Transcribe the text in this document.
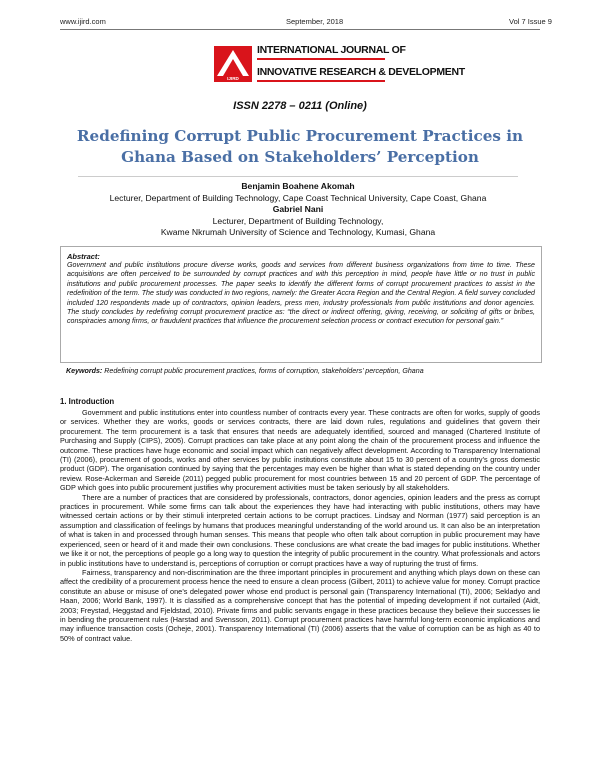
www.ijird.com	September, 2018	Vol 7 Issue 9
IJIRD
INTERNATIONAL JOURNAL OF
INNOVATIVE RESEARCH & DEVELOPMENT
ISSN 2278 – 0211 (Online)
Redefining Corrupt Public Procurement Practices in Ghana Based on Stakeholders’ Perception
Benjamin Boahene Akomah
Lecturer, Department of Building Technology, Cape Coast Technical University, Cape Coast, Ghana
Gabriel Nani
Lecturer, Department of Building Technology,
Kwame Nkrumah University of Science and Technology, Kumasi, Ghana
Abstract:
Government and public institutions procure diverse works, goods and services from different business organizations from time to time. These acquisitions are often perceived to be surrounded by corrupt practices and with this perception in mind, people have little or no trust in public institutions and public procurement processes. The paper seeks to identify the different forms of corrupt procurement practices to assist in the redefinition of the term. The study was conducted in two regions, namely: the Greater Accra Region and the Central Region. A field survey concluded included 120 respondents made up of contractors, opinion leaders, press men, industry professionals from public institutions and donor agencies. The study concludes by redefining corrupt procurement practice as: “the direct or indirect offering, giving, receiving, or soliciting of gifts or bribes, conspiracies among firms, or fraudulent practices that influence the procurement selection process or contract execution for personal gain.”
Keywords: Redefining corrupt public procurement practices, forms of corruption, stakeholders’ perception, Ghana
1. Introduction

Government and public institutions enter into countless number of contracts every year. These contracts are often for works, supply of goods or services. Whether they are works, goods or services contracts, there are laid down rules, regulations and guidelines that govern their procurement. The term procurement is a task that ensures that needs are adequately identified, sourced and managed (Chartered Institute of Purchasing and Supply (CIPS), 2005). Corrupt practices can take place at any point along the chain of the procurement process and influence the outcome. These practices have huge economic and social impact which can negatively affect development. According to Transparency International (TI) (2006), procurement of goods, works and other services by public institutions constitute about 15 to 30 percent of a country’s gross domestic product (GDP). The organisation continued by saying that the percentages may even be higher than what is stated depending on the country under review. Rose-Ackerman and Søreide (2011) pegged public procurement for most countries between 15 and 20 percent of GDP. The percentage of GDP which goes into public procurement justifies why procurement activities must be taken seriously by all stakeholders.

There are a number of practices that are considered by professionals, contractors, donor agencies, opinion leaders and the press as corrupt practices in procurement. While some firms can talk about the experiences they have had interacting with public institutions, others may have witnessed certain actions or by their stimuli interpreted certain actions to be corrupt practices. Lindsay and Norman (1977) said perception is an assumption and classification of feelings by humans that produces meaningful understanding of the world around us. It can also be an interpretation of what is taken in and processed through human senses. This means that people who often talk about corruption in public procurement may have experienced, seen or heard of it and made their own conclusions. These conclusions are what create the bad images for public institutions. Whether we like it or not, the perceptions of people go a long way to question the integrity of public procurement in the country. What professionals and actors in public institutions have to understand is, perceptions of corruption or corrupt practices have a way of rupturing the trust of firms.

Fairness, transparency and non-discrimination are the three important principles in procurement and anything which plays down on these can affect the credibility of a procurement process hence the need to ensure a clean process (Gilbert, 2011) to achieve value for money. Corrupt practice constitute an abuse or misuse of one’s delegated power whose end product is personal gain (Transparency International (TI), 2006; Sekladyo and Haan, 2006; World Bank, 1997). It is classified as a comprehensive concept that has the potential of impeding development if not curtailed (Aidt, 2003; Freystad, Heggstad and Fjeldstad, 2010). Private firms and public servants engage in these practices because they believe their successes lie in bending the procurement rules (Harstad and Svensson, 2011). Corrupt procurement practices have harmful long-term economic implications and may influence transaction costs (Ocheje, 2001). Transparency International (TI) (2006) asserts that the value of corruption can be as high as 40 to 50% of contract value.
